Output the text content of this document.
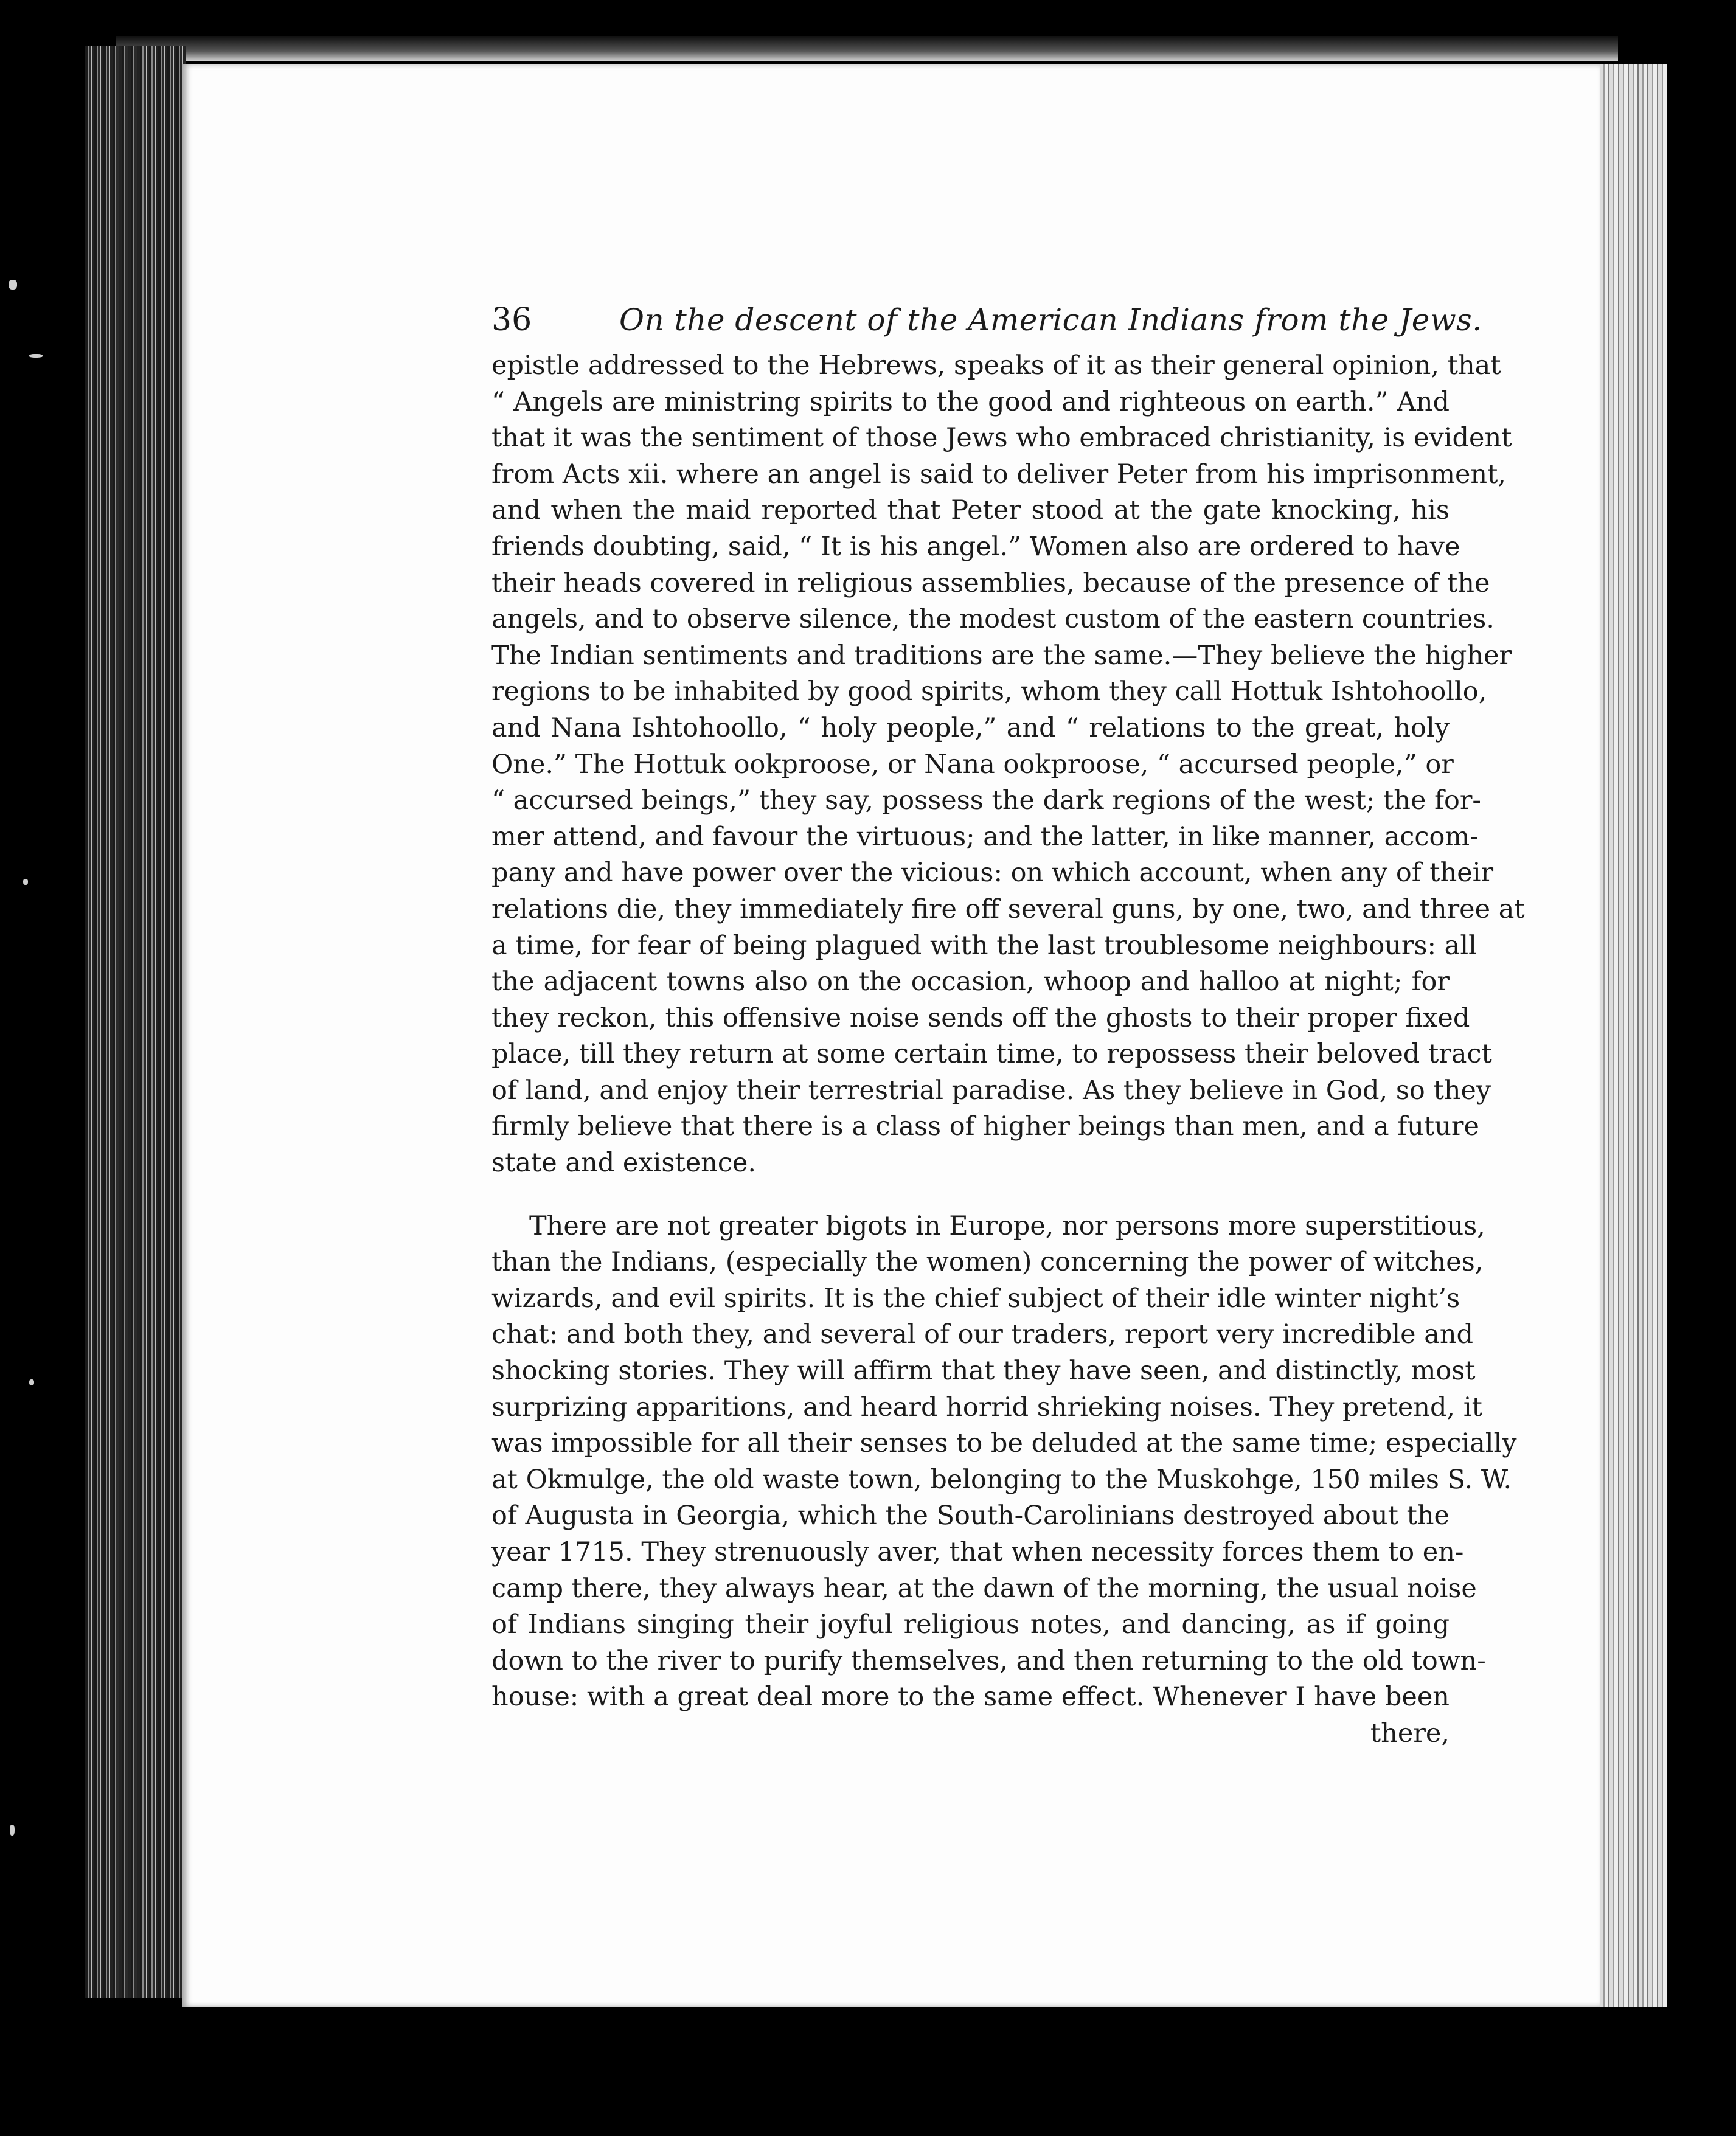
36	On the descent of the American Indians from the Jews.
epistle addressed to the Hebrews, speaks of it as their general opinion, that
“ Angels are ministring spirits to the good and righteous on earth.” And
that it was the sentiment of those Jews who embraced christianity, is evident
from Acts xii. where an angel is said to deliver Peter from his imprisonment,
and when the maid reported that Peter stood at the gate knocking, his
friends doubting, said, “ It is his angel.” Women also are ordered to have
their heads covered in religious assemblies, because of the presence of the
angels, and to observe silence, the modest custom of the eastern countries.
The Indian sentiments and traditions are the same.—They believe the higher
regions to be inhabited by good spirits, whom they call Hottuk Ishtohoollo,
and Nana Ishtohoollo, “ holy people,” and “ relations to the great, holy
One.” The Hottuk ookproose, or Nana ookproose, “ accursed people,” or
“ accursed beings,” they say, possess the dark regions of the west; the for-
mer attend, and favour the virtuous; and the latter, in like manner, accom-
pany and have power over the vicious: on which account, when any of their
relations die, they immediately fire off several guns, by one, two, and three at
a time, for fear of being plagued with the last troublesome neighbours: all
the adjacent towns also on the occasion, whoop and halloo at night; for
they reckon, this offensive noise sends off the ghosts to their proper fixed
place, till they return at some certain time, to repossess their beloved tract
of land, and enjoy their terrestrial paradise. As they believe in God, so they
firmly believe that there is a class of higher beings than men, and a future
state and existence.
There are not greater bigots in Europe, nor persons more superstitious,
than the Indians, (especially the women) concerning the power of witches,
wizards, and evil spirits. It is the chief subject of their idle winter night’s
chat: and both they, and several of our traders, report very incredible and
shocking stories. They will affirm that they have seen, and distinctly, most
surprizing apparitions, and heard horrid shrieking noises. They pretend, it
was impossible for all their senses to be deluded at the same time; especially
at Okmulge, the old waste town, belonging to the Muskohge, 150 miles S. W.
of Augusta in Georgia, which the South-Carolinians destroyed about the
year 1715. They strenuously aver, that when necessity forces them to en-
camp there, they always hear, at the dawn of the morning, the usual noise
of Indians singing their joyful religious notes, and dancing, as if going
down to the river to purify themselves, and then returning to the old town-
house: with a great deal more to the same effect. Whenever I have been
there,
